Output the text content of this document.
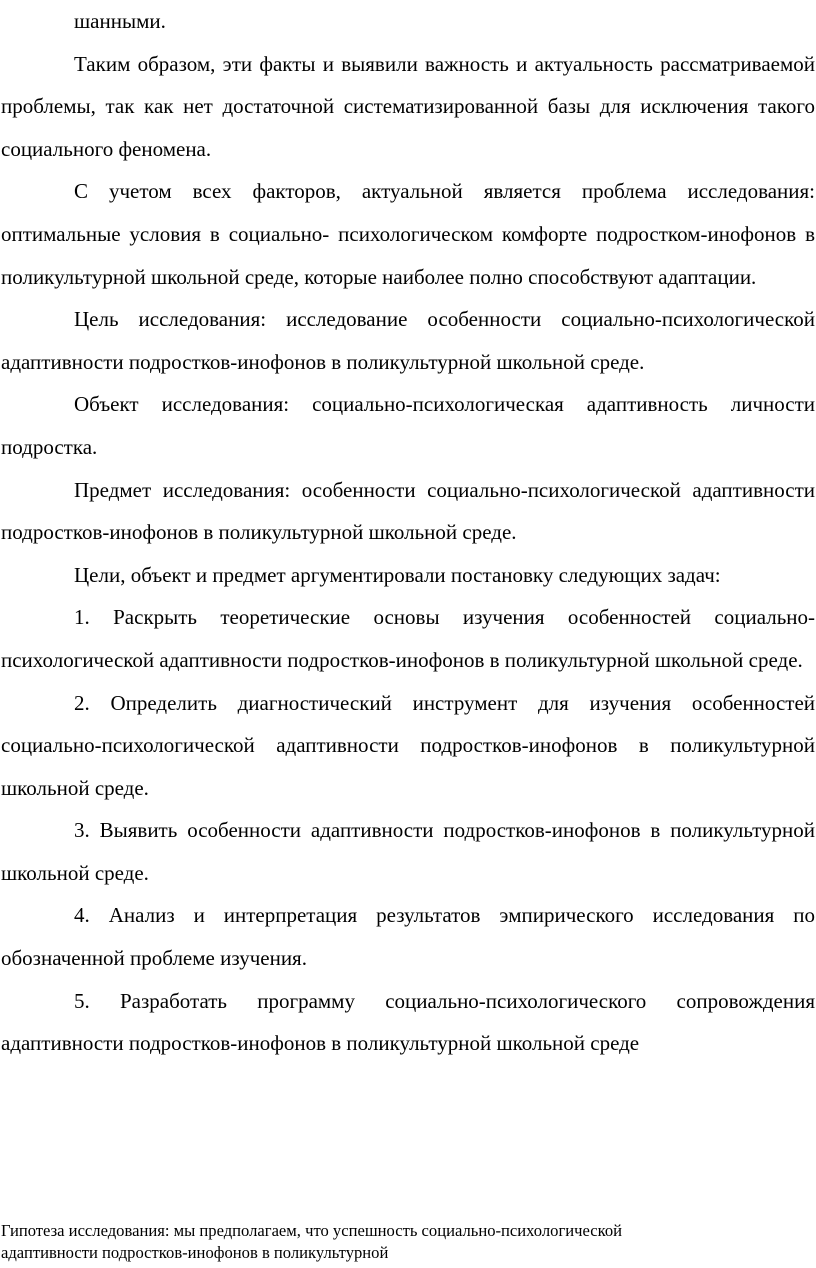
шанными.

Таким образом, эти факты и выявили важность и актуальность рассматриваемой проблемы, так как нет достаточной систематизированной базы для исключения такого социального феномена.

С учетом всех факторов, актуальной является проблема исследования: оптимальные условия в социально- психологическом комфорте подростком-инофонов в поликультурной школьной среде, которые наиболее полно способствуют адаптации.

Цель исследования: исследование особенности социально-психологической адаптивности подростков-инофонов в поликультурной школьной среде.

Объект исследования: социально-психологическая адаптивность личности подростка.

Предмет исследования: особенности социально-психологической адаптивности подростков-инофонов в поликультурной школьной среде.

Цели, объект и предмет аргументировали постановку следующих задач:

1. Раскрыть теоретические основы изучения особенностей социально-психологической адаптивности подростков-инофонов в поликультурной школьной среде.

2. Определить диагностический инструмент для изучения особенностей социально-психологической адаптивности подростков-инофонов в поликультурной школьной среде.

3. Выявить особенности адаптивности подростков-инофонов в поликультурной школьной среде.

4. Анализ и интерпретация результатов эмпирического исследования по обозначенной проблеме изучения.

5. Разработать программу социально-психологического сопровождения адаптивности подростков-инофонов в поликультурной школьной среде

Гипотеза исследования: мы предполагаем, что успешность социально-психологической
адаптивности подростков-инофонов в поликультурной
